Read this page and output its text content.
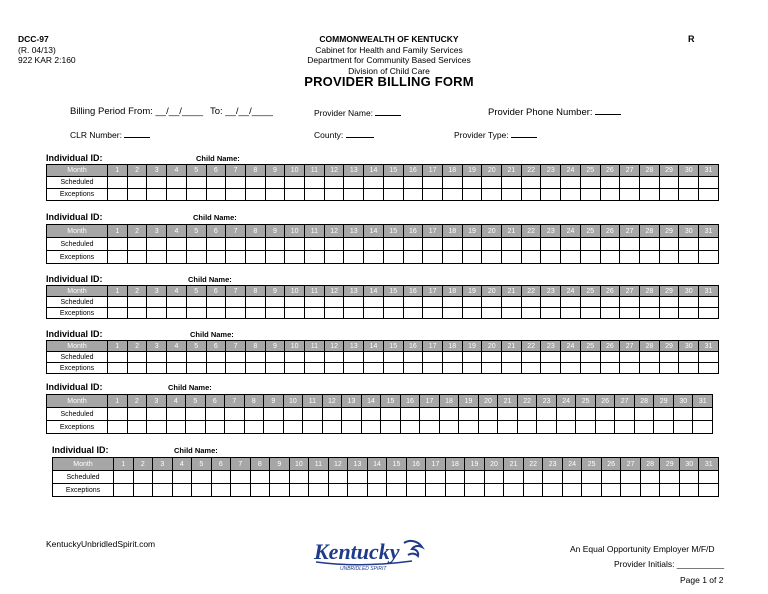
DCC-97
(R. 04/13)
922 KAR 2:160
COMMONWEALTH OF KENTUCKY
Cabinet for Health and Family Services
Department for Community Based Services
Division of Child Care
PROVIDER BILLING FORM
R
Billing Period From: __/__/____ To: __/__/____	Provider Name:	Provider Phone Number:
CLR Number:	County:	Provider Type:
Individual ID:	Child Name:
Month	1	2	3	4	5	6	7	8	9	10	11	12	13	14	15	16	17	18	19	20	21	22	23	24	25	26	27	28	29	30	31
Scheduled																															
Exceptions																															
Individual ID:	Child Name:
Month	1	2	3	4	5	6	7	8	9	10	11	12	13	14	15	16	17	18	19	20	21	22	23	24	25	26	27	28	29	30	31
Scheduled																															
Exceptions																															
Individual ID:	Child Name:
Month	1	2	3	4	5	6	7	8	9	10	11	12	13	14	15	16	17	18	19	20	21	22	23	24	25	26	27	28	29	30	31
Scheduled																															
Exceptions																															
Individual ID:	Child Name:
Month	1	2	3	4	5	6	7	8	9	10	11	12	13	14	15	16	17	18	19	20	21	22	23	24	25	26	27	28	29	30	31
Scheduled																															
Exceptions																															
Individual ID:	Child Name:
Month	1	2	3	4	5	6	7	8	9	10	11	12	13	14	15	16	17	18	19	20	21	22	23	24	25	26	27	28	29	30	31
Scheduled																															
Exceptions																															
Individual ID:	Child Name:
Month	1	2	3	4	5	6	7	8	9	10	11	12	13	14	15	16	17	18	19	20	21	22	23	24	25	26	27	28	29	30	31
Scheduled																															
Exceptions																															
KentuckyUnbridledSpirit.com	Kentucky
UNBRIDLED SPIRIT
An Equal Opportunity Employer M/F/D
Provider Initials: __________
Page 1 of 2
